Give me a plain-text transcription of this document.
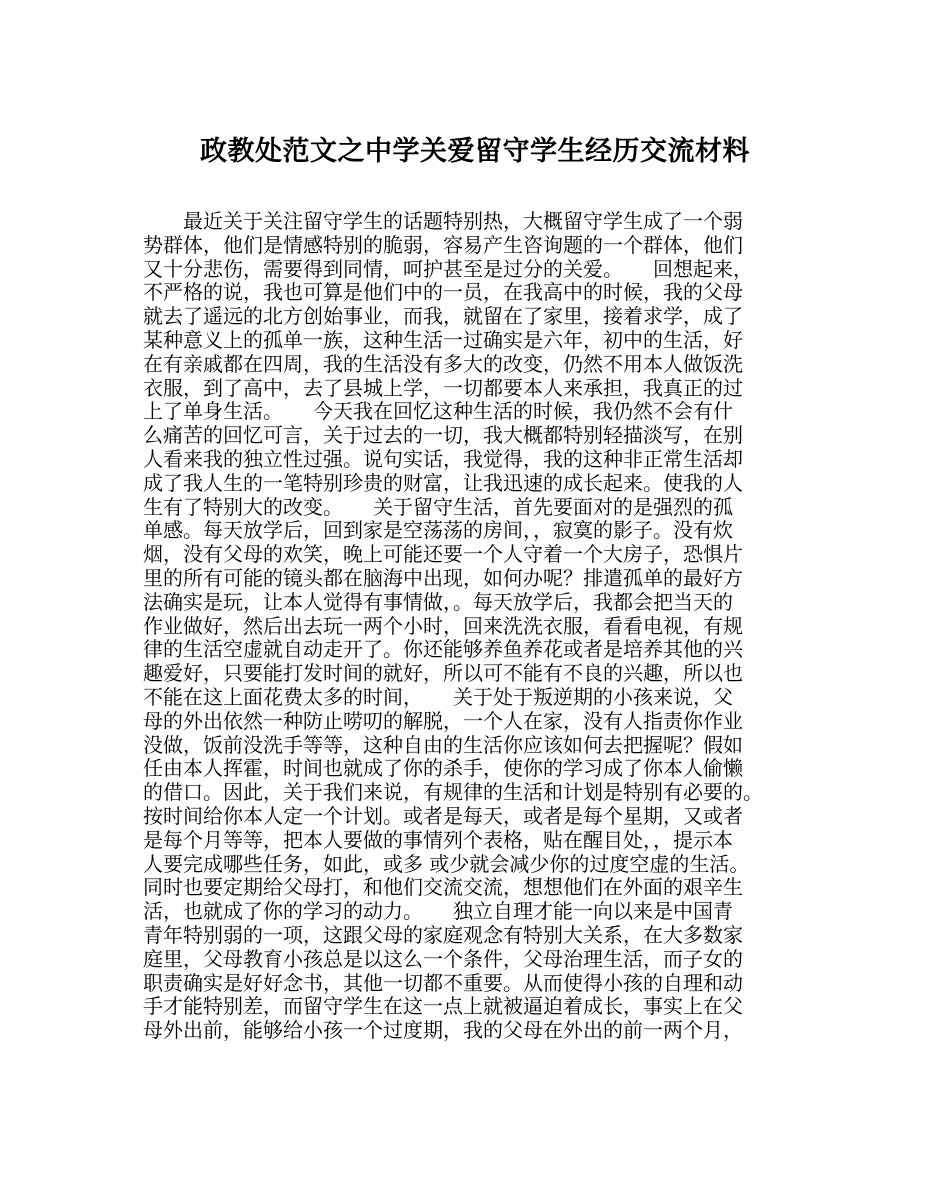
政教处范文之中学关爱留守学生经历交流材料
　　最近关于关注留守学生的话题特别热，大概留守学生成了一个弱
势群体，他们是情感特别的脆弱，容易产生咨询题的一个群体，他们
又十分悲伤，需要得到同情，呵护甚至是过分的关爱。　　回想起来，
不严格的说，我也可算是他们中的一员，在我高中的时候，我的父母
就去了遥远的北方创始事业，而我，就留在了家里，接着求学，成了
某种意义上的孤单一族，这种生活一过确实是六年，初中的生活，好
在有亲戚都在四周，我的生活没有多大的改变，仍然不用本人做饭洗
衣服，到了高中，去了县城上学，一切都要本人来承担，我真正的过
上了单身生活。　　今天我在回忆这种生活的时候，我仍然不会有什
么痛苦的回忆可言，关于过去的一切，我大概都特别轻描淡写，在别
人看来我的独立性过强。说句实话，我觉得，我的这种非正常生活却
成了我人生的一笔特别珍贵的财富，让我迅速的成长起来。使我的人
生有了特别大的改变。　　关于留守生活，首先要面对的是强烈的孤
单感。每天放学后，回到家是空荡荡的房间，，寂寞的影子。没有炊
烟，没有父母的欢笑，晚上可能还要一个人守着一个大房子，恐惧片
里的所有可能的镜头都在脑海中出现，如何办呢？排遣孤单的最好方
法确实是玩，让本人觉得有事情做，。每天放学后，我都会把当天的
作业做好，然后出去玩一两个小时，回来洗洗衣服，看看电视，有规
律的生活空虚就自动走开了。你还能够养鱼养花或者是培养其他的兴
趣爱好，只要能打发时间的就好，所以可不能有不良的兴趣，所以也
不能在这上面花费太多的时间，　　关于处于叛逆期的小孩来说，父
母的外出依然一种防止唠叨的解脱，一个人在家，没有人指责你作业
没做，饭前没洗手等等，这种自由的生活你应该如何去把握呢？假如
任由本人挥霍，时间也就成了你的杀手，使你的学习成了你本人偷懒
的借口。因此，关于我们来说，有规律的生活和计划是特别有必要的。
按时间给你本人定一个计划。或者是每天，或者是每个星期，又或者
是每个月等等，把本人要做的事情列个表格，贴在醒目处，，提示本
人要完成哪些任务，如此，或多 或少就会减少你的过度空虚的生活。
同时也要定期给父母打，和他们交流交流，想想他们在外面的艰辛生
活，也就成了你的学习的动力。　　独立自理才能一向以来是中国青
青年特别弱的一项，这跟父母的家庭观念有特别大关系，在大多数家
庭里，父母教育小孩总是以这么一个条件，父母治理生活，而子女的
职责确实是好好念书，其他一切都不重要。从而使得小孩的自理和动
手才能特别差，而留守学生在这一点上就被逼迫着成长，事实上在父
母外出前，能够给小孩一个过度期，我的父母在外出的前一两个月，
